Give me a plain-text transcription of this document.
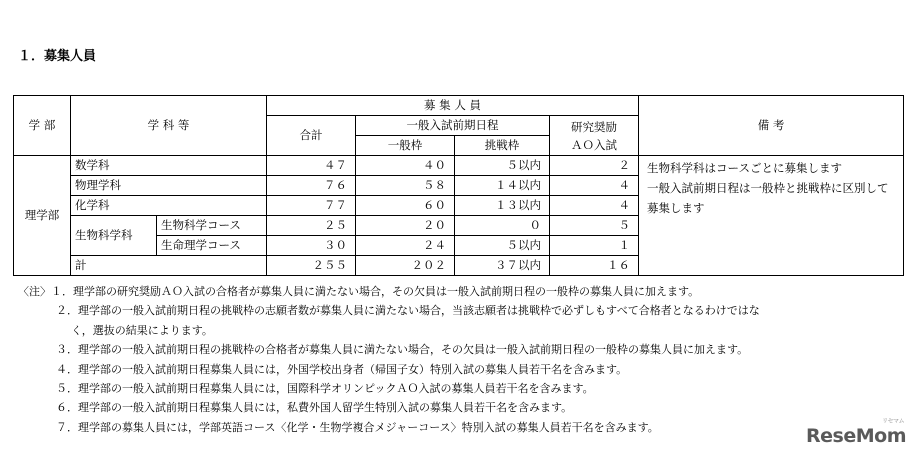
１．募集人員
学 部	学 科 等		募 集 人 員				備 考
			合計	一般入試前期日程		研究奨励
ＡＯ入試	
				一般枠	挑戦枠		
理学部	数学科		４７	４０	５以内	２	生物科学科はコースごとに募集します
一般入試前期日程は一般枠と挑戦枠に区別して募集します

	物理学科		７６	５８	１４以内	４	
	化学科		７７	６０	１３以内	４	
	生物科学科	生物科学コース	２５	２０	０	５	
		生命理学コース	３０	２４	５以内	１	
	計		２５５	２０２	３７以内	１６	
〈注〉１．理学部の研究奨励ＡＯ入試の合格者が募集人員に満たない場合，その欠員は一般入試前期日程の一般枠の募集人員に加えます。
２．理学部の一般入試前期日程の挑戦枠の志願者数が募集人員に満たない場合，当該志願者は挑戦枠で必ずしもすべて合格者となるわけではな
く，選抜の結果によります。
３．理学部の一般入試前期日程の挑戦枠の合格者が募集人員に満たない場合，その欠員は一般入試前期日程の一般枠の募集人員に加えます。
４．理学部の一般入試前期日程募集人員には，外国学校出身者（帰国子女）特別入試の募集人員若干名を含みます。
５．理学部の一般入試前期日程募集人員には，国際科学オリンピックＡＯ入試の募集人員若干名を含みます。
６．理学部の一般入試前期日程募集人員には，私費外国人留学生特別入試の募集人員若干名を含みます。
７．理学部の募集人員には，学部英語コース〈化学・生物学複合メジャーコース〉特別入試の募集人員若干名を含みます。	リセマム
ReseMom
